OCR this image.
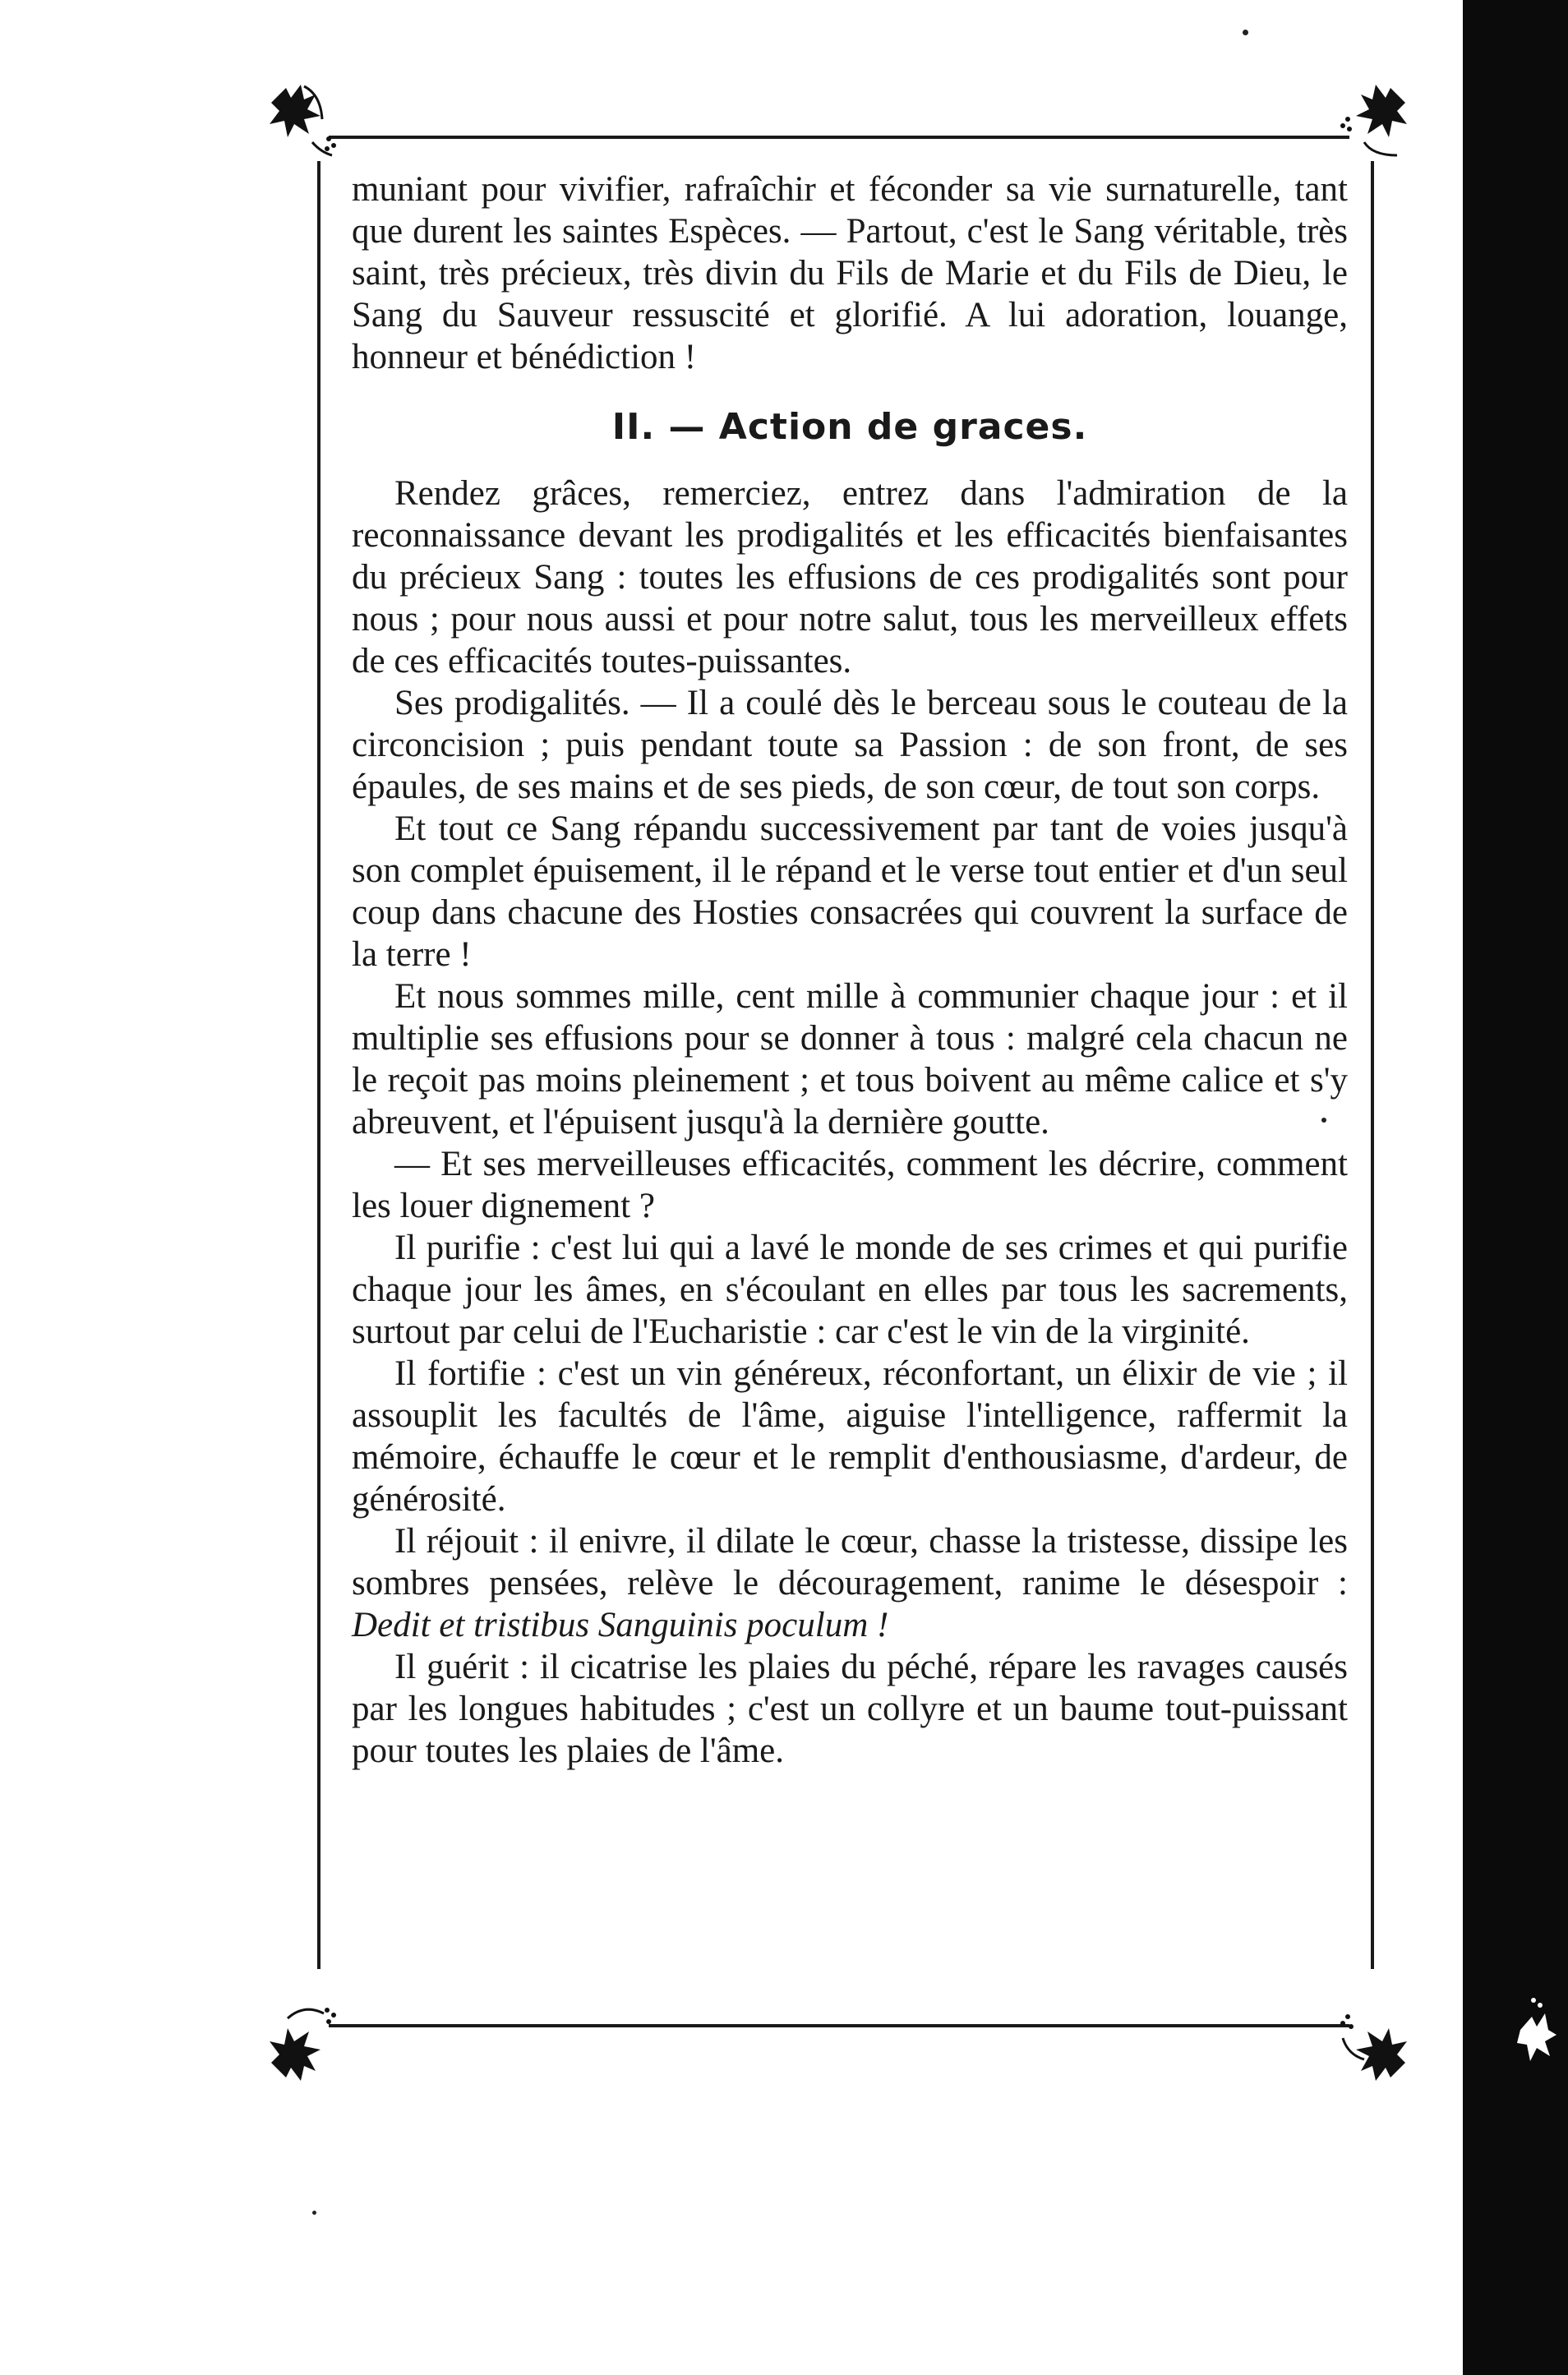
muniant pour vivifier, rafraîchir et féconder sa vie surnaturelle, tant que durent les saintes Espèces. — Partout, c'est le Sang véritable, très saint, très précieux, très divin du Fils de Marie et du Fils de Dieu, le Sang du Sauveur ressuscité et glorifié. A lui adoration, louange, honneur et bénédiction !

II. — Action de graces.

Rendez grâces, remerciez, entrez dans l'admiration de la reconnaissance devant les prodigalités et les efficacités bienfaisantes du précieux Sang : toutes les effusions de ces prodigalités sont pour nous ; pour nous aussi et pour notre salut, tous les merveilleux effets de ces efficacités toutes-puissantes.

Ses prodigalités. — Il a coulé dès le berceau sous le couteau de la circoncision ; puis pendant toute sa Passion : de son front, de ses épaules, de ses mains et de ses pieds, de son cœur, de tout son corps.

Et tout ce Sang répandu successivement par tant de voies jusqu'à son complet épuisement, il le répand et le verse tout entier et d'un seul coup dans chacune des Hosties consacrées qui couvrent la surface de la terre !

Et nous sommes mille, cent mille à communier chaque jour : et il multiplie ses effusions pour se donner à tous : malgré cela chacun ne le reçoit pas moins pleinement ; et tous boivent au même calice et s'y abreuvent, et l'épuisent jusqu'à la dernière goutte.

— Et ses merveilleuses efficacités, comment les décrire, comment les louer dignement ?

Il purifie : c'est lui qui a lavé le monde de ses crimes et qui purifie chaque jour les âmes, en s'écoulant en elles par tous les sacrements, surtout par celui de l'Eucharistie : car c'est le vin de la virginité.

Il fortifie : c'est un vin généreux, réconfortant, un élixir de vie ; il assouplit les facultés de l'âme, aiguise l'intelligence, raffermit la mémoire, échauffe le cœur et le remplit d'enthousiasme, d'ardeur, de générosité.

Il réjouit : il enivre, il dilate le cœur, chasse la tristesse, dissipe les sombres pensées, relève le découragement, ranime le désespoir : Dedit et tristibus Sanguinis poculum !

Il guérit : il cicatrise les plaies du péché, répare les ravages causés par les longues habitudes ; c'est un collyre et un baume tout-puissant pour toutes les plaies de l'âme.
